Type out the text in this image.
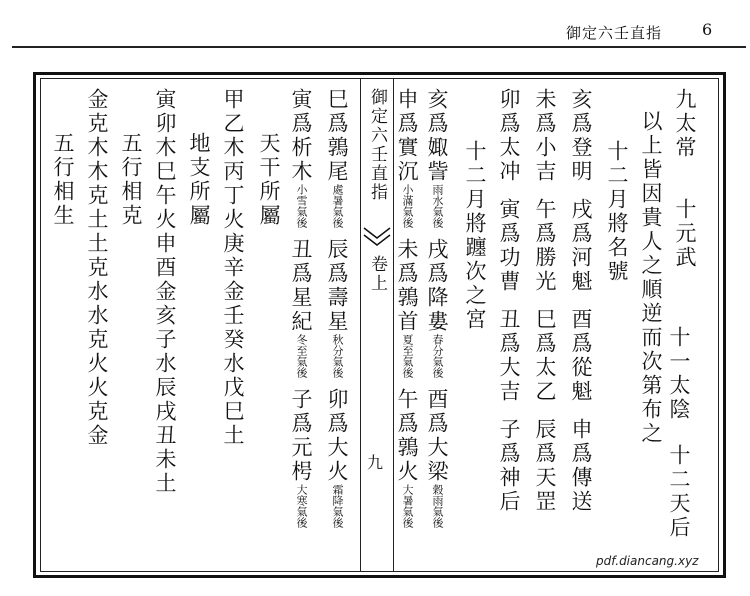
御定六壬直指 6
九太常十元武
以上皆因貴人之順逆而次第布之 十一太陰
十二天后
十二月將名號
亥爲登明戌爲河魁酉爲從魁申爲傳送
未爲小吉午爲勝光巳爲太乙辰爲天罡
卯爲太冲寅爲功曹丑爲大吉子爲神后
十二月將躔次之宮
亥爲娵訾雨水氣後戌爲降婁春分氣後酉爲大梁穀雨氣後
申爲實沉小滿氣後未爲鶉首夏至氣後午爲鶉火大暑氣後
御定六壬直指
卷上
九
巳爲鶉尾處暑氣後辰爲壽星秋分氣後卯爲大火霜降氣後
寅爲析木小雪氣後丑爲星紀冬至氣後子爲元枵大寒氣後
天干所屬
甲乙木丙丁火庚辛金壬癸水戊巳土
地支所屬
寅卯木巳午火申酉金亥子水辰戌丑未土
五行相克
金克木木克土土克水水克火火克金
五行相生
pdf.diancang.xyz
